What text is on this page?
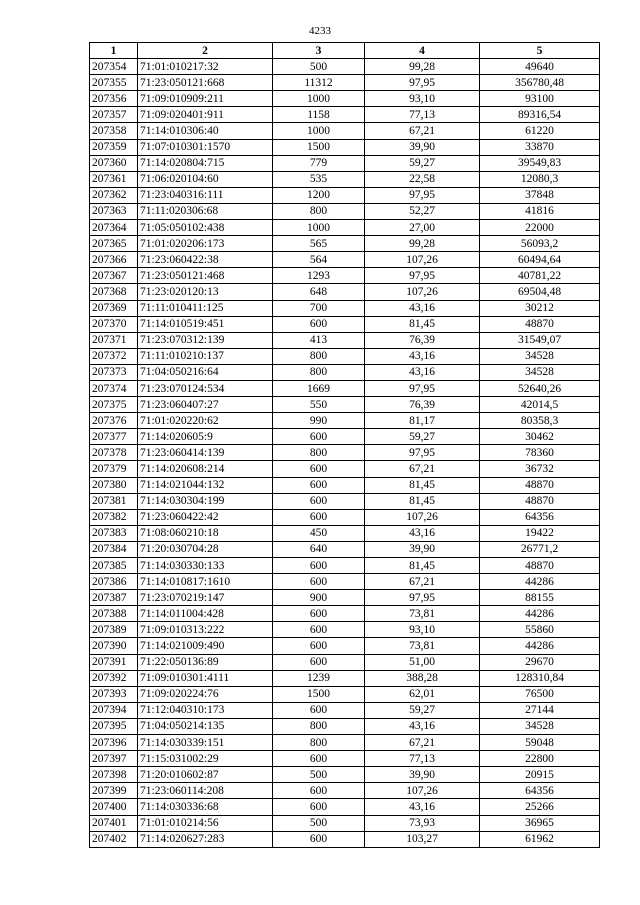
4233
1	2	3	4	5
207354	71:01:010217:32	500	99,28	49640
207355	71:23:050121:668	11312	97,95	356780,48
207356	71:09:010909:211	1000	93,10	93100
207357	71:09:020401:911	1158	77,13	89316,54
207358	71:14:010306:40	1000	67,21	61220
207359	71:07:010301:1570	1500	39,90	33870
207360	71:14:020804:715	779	59,27	39549,83
207361	71:06:020104:60	535	22,58	12080,3
207362	71:23:040316:111	1200	97,95	37848
207363	71:11:020306:68	800	52,27	41816
207364	71:05:050102:438	1000	27,00	22000
207365	71:01:020206:173	565	99,28	56093,2
207366	71:23:060422:38	564	107,26	60494,64
207367	71:23:050121:468	1293	97,95	40781,22
207368	71:23:020120:13	648	107,26	69504,48
207369	71:11:010411:125	700	43,16	30212
207370	71:14:010519:451	600	81,45	48870
207371	71:23:070312:139	413	76,39	31549,07
207372	71:11:010210:137	800	43,16	34528
207373	71:04:050216:64	800	43,16	34528
207374	71:23:070124:534	1669	97,95	52640,26
207375	71:23:060407:27	550	76,39	42014,5
207376	71:01:020220:62	990	81,17	80358,3
207377	71:14:020605:9	600	59,27	30462
207378	71:23:060414:139	800	97,95	78360
207379	71:14:020608:214	600	67,21	36732
207380	71:14:021044:132	600	81,45	48870
207381	71:14:030304:199	600	81,45	48870
207382	71:23:060422:42	600	107,26	64356
207383	71:08:060210:18	450	43,16	19422
207384	71:20:030704:28	640	39,90	26771,2
207385	71:14:030330:133	600	81,45	48870
207386	71:14:010817:1610	600	67,21	44286
207387	71:23:070219:147	900	97,95	88155
207388	71:14:011004:428	600	73,81	44286
207389	71:09:010313:222	600	93,10	55860
207390	71:14:021009:490	600	73,81	44286
207391	71:22:050136:89	600	51,00	29670
207392	71:09:010301:4111	1239	388,28	128310,84
207393	71:09:020224:76	1500	62,01	76500
207394	71:12:040310:173	600	59,27	27144
207395	71:04:050214:135	800	43,16	34528
207396	71:14:030339:151	800	67,21	59048
207397	71:15:031002:29	600	77,13	22800
207398	71:20:010602:87	500	39,90	20915
207399	71:23:060114:208	600	107,26	64356
207400	71:14:030336:68	600	43,16	25266
207401	71:01:010214:56	500	73,93	36965
207402	71:14:020627:283	600	103,27	61962
